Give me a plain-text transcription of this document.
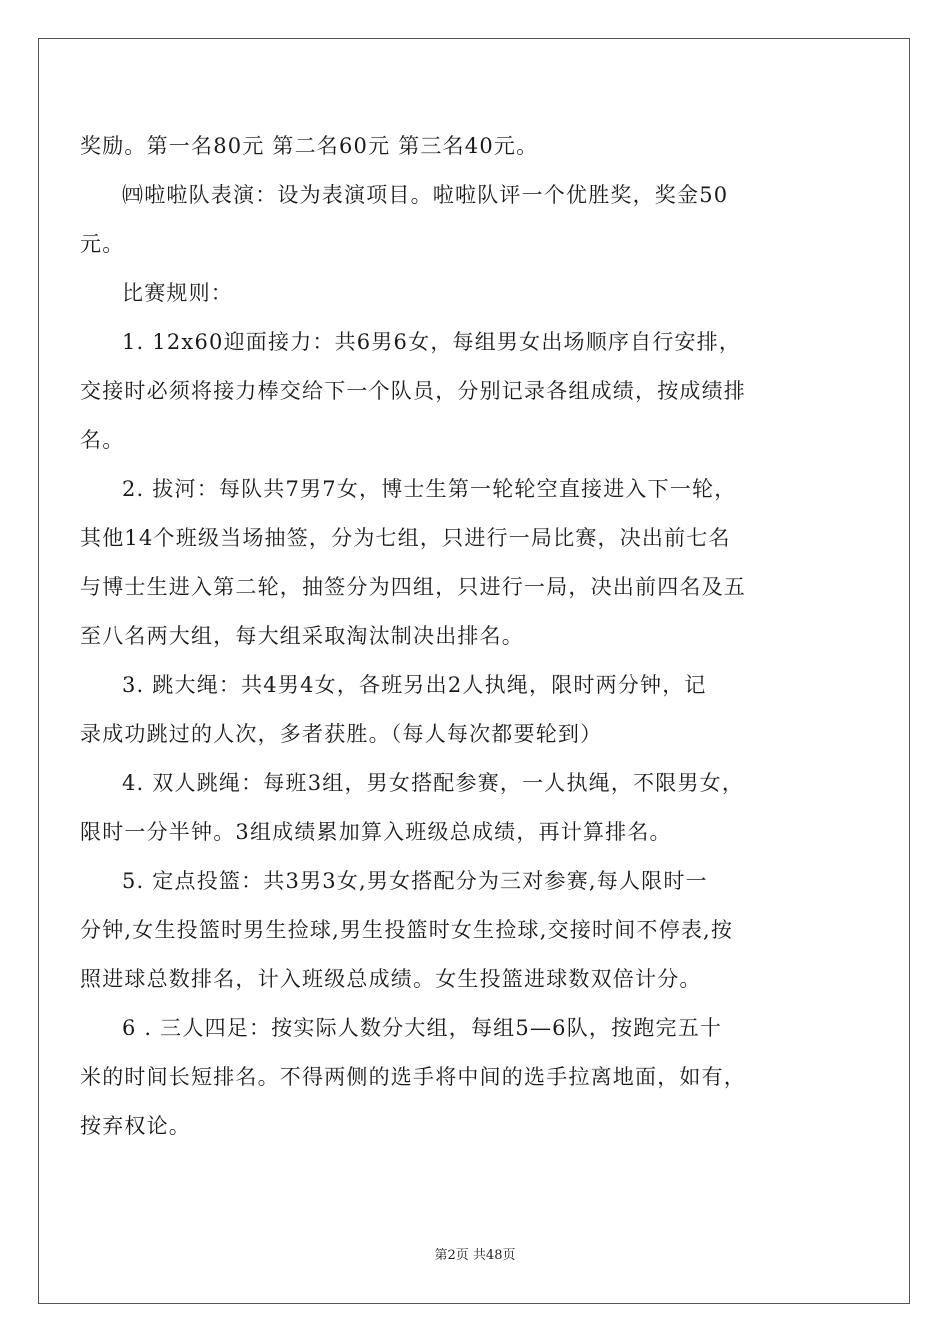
奖励。第一名80元 第二名60元 第三名40元。
㈣啦啦队表演：设为表演项目。啦啦队评一个优胜奖，奖金50
元。
比赛规则：
1. 12x60迎面接力：共6男6女，每组男女出场顺序自行安排，
交接时必须将接力棒交给下一个队员，分别记录各组成绩，按成绩排
名。
2. 拔河：每队共7男7女，博士生第一轮轮空直接进入下一轮，
其他14个班级当场抽签，分为七组，只进行一局比赛，决出前七名
与博士生进入第二轮，抽签分为四组，只进行一局，决出前四名及五
至八名两大组，每大组采取淘汰制决出排名。
3. 跳大绳：共4男4女，各班另出2人执绳，限时两分钟，记
录成功跳过的人次，多者获胜。（每人每次都要轮到）
4. 双人跳绳：每班3组，男女搭配参赛，一人执绳，不限男女，
限时一分半钟。3组成绩累加算入班级总成绩，再计算排名。
5. 定点投篮：共3男3女,男女搭配分为三对参赛,每人限时一
分钟,女生投篮时男生捡球,男生投篮时女生捡球,交接时间不停表,按
照进球总数排名，计入班级总成绩。女生投篮进球数双倍计分。
6 . 三人四足：按实际人数分大组，每组5—6队，按跑完五十
米的时间长短排名。不得两侧的选手将中间的选手拉离地面，如有，
按弃权论。
第2页 共48页
